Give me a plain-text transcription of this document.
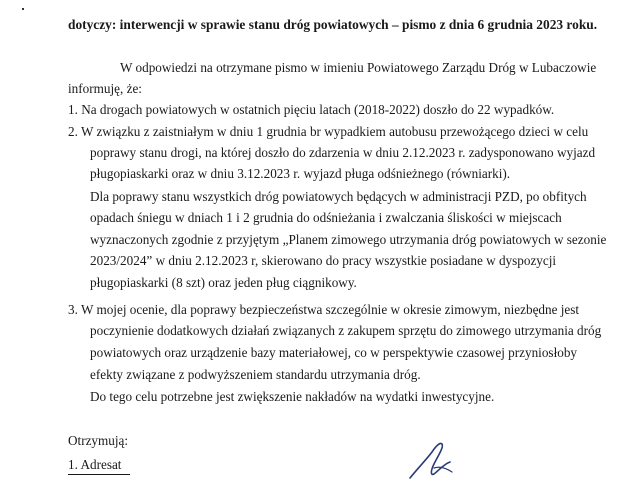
dotyczy: interwencji w sprawie stanu dróg powiatowych – pismo z dnia 6 grudnia 2023 roku.
W odpowiedzi na otrzymane pismo w imieniu Powiatowego Zarządu Dróg w Lubaczowie
informuję, że:
1. Na drogach powiatowych w ostatnich pięciu latach (2018-2022) doszło do 22 wypadków.
2. W związku z zaistniałym w dniu 1 grudnia br wypadkiem autobusu przewożącego dzieci w celu
poprawy stanu drogi, na której doszło do zdarzenia w dniu 2.12.2023 r. zadysponowano wyjazd
pługopiaskarki oraz w dniu 3.12.2023 r. wyjazd pługa odśnieżnego (równiarki).
Dla poprawy stanu wszystkich dróg powiatowych będących w administracji PZD, po obfitych
opadach śniegu w dniach 1 i 2 grudnia do odśnieżania i zwalczania śliskości w miejscach
wyznaczonych zgodnie z przyjętym „Planem zimowego utrzymania dróg powiatowych w sezonie
2023/2024” w dniu 2.12.2023 r, skierowano do pracy wszystkie posiadane w dyspozycji
pługopiaskarki (8 szt) oraz jeden pług ciągnikowy.
3. W mojej ocenie, dla poprawy bezpieczeństwa szczególnie w okresie zimowym, niezbędne jest
poczynienie dodatkowych działań związanych z zakupem sprzętu do zimowego utrzymania dróg
powiatowych oraz urządzenie bazy materiałowej, co w perspektywie czasowej przyniosłoby
efekty związane z podwyższeniem standardu utrzymania dróg.
Do tego celu potrzebne jest zwiększenie nakładów na wydatki inwestycyjne.
Otrzymują:
1. Adresat
